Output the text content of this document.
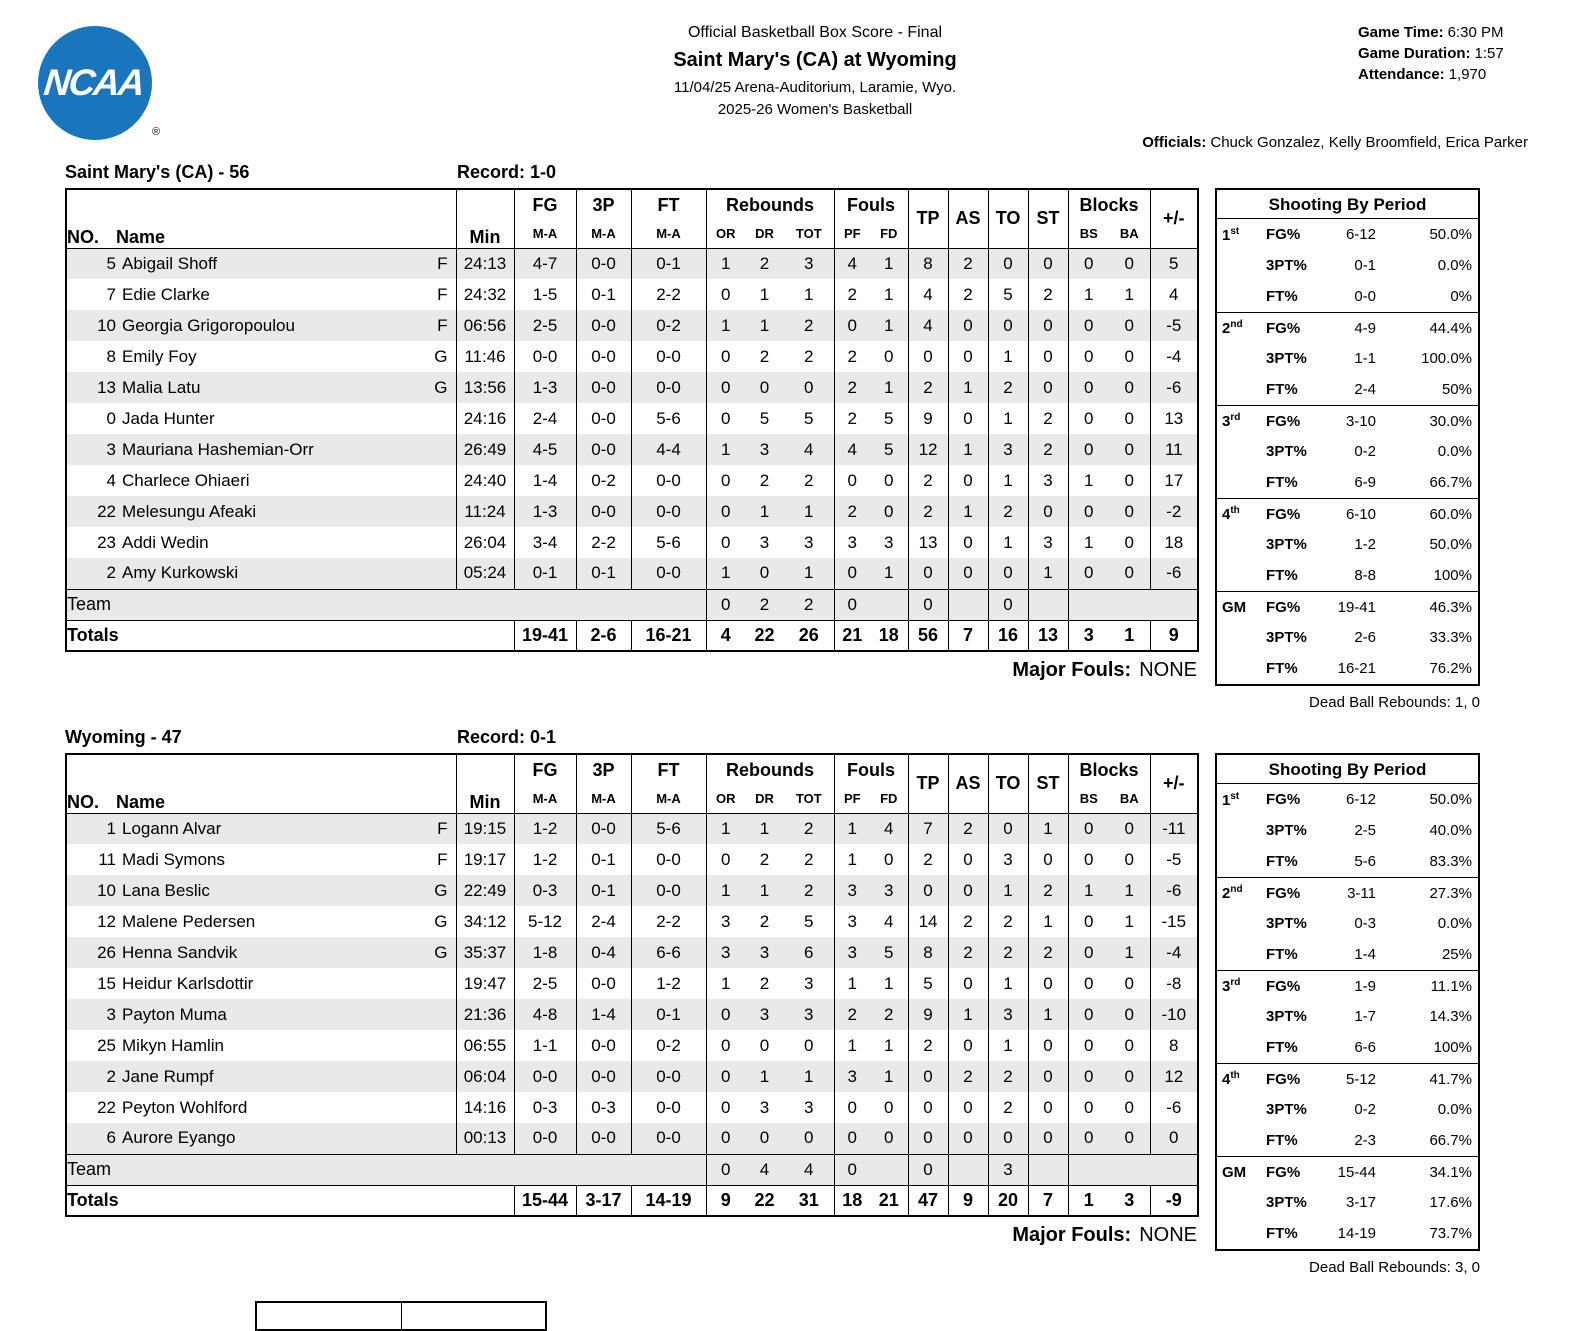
NCAA
®
Official Basketball Box Score - Final
Saint Mary's (CA) at Wyoming
11/04/25 Arena-Auditorium, Laramie, Wyo.
2025-26 Women's Basketball
Game Time: 6:30 PM
Game Duration: 1:57
Attendance: 1,970
Officials: Chuck Gonzalez, Kelly Broomfield, Erica Parker
Saint Mary's (CA) - 56	Record: 1-0
NO.	Name	Min	FG	3P	FT	Rebounds			Fouls		TP	AS	TO	ST	Blocks		+/-
			M-A	M-A	M-A	OR	DR	TOT	PF	FD					BS	BA	
5	Abigail Shoff F	24:13	4-7	0-0	0-1	1	2	3	4	1	8	2	0	0	0	0	5
7	Edie Clarke F	24:32	1-5	0-1	2-2	0	1	1	2	1	4	2	5	2	1	1	4
10	Georgia Grigoropoulou F	06:56	2-5	0-0	0-2	1	1	2	0	1	4	0	0	0	0	0	-5
8	Emily Foy G	11:46	0-0	0-0	0-0	0	2	2	2	0	0	0	1	0	0	0	-4
13	Malia Latu G	13:56	1-3	0-0	0-0	0	0	0	2	1	2	1	2	0	0	0	-6
0	Jada Hunter	24:16	2-4	0-0	5-6	0	5	5	2	5	9	0	1	2	0	0	13
3	Mauriana Hashemian-Orr	26:49	4-5	0-0	4-4	1	3	4	4	5	12	1	3	2	0	0	11
4	Charlece Ohiaeri	24:40	1-4	0-2	0-0	0	2	2	0	0	2	0	1	3	1	0	17
22	Melesungu Afeaki	11:24	1-3	0-0	0-0	0	1	1	2	0	2	1	2	0	0	0	-2
23	Addi Wedin	26:04	3-4	2-2	5-6	0	3	3	3	3	13	0	1	3	1	0	18
2	Amy Kurkowski	05:24	0-1	0-1	0-0	1	0	1	0	1	0	0	0	1	0	0	-6
Team						0	2	2	0		0		0				
Totals			19-41	2-6	16-21	4	22	26	21	18	56	7	16	13	3	1	9
Major Fouls: NONE
Shooting By Period
1st	FG%	6-12	50.0%
3PT%	0-1	0.0%
FT%	0-0	0%
2nd	FG%	4-9	44.4%
3PT%	1-1	100.0%
FT%	2-4	50%
3rd	FG%	3-10	30.0%
3PT%	0-2	0.0%
FT%	6-9	66.7%
4th	FG%	6-10	60.0%
3PT%	1-2	50.0%
FT%	8-8	100%
GM	FG%	19-41	46.3%
3PT%	2-6	33.3%
FT%	16-21	76.2%
Dead Ball Rebounds: 1, 0
Wyoming - 47	Record: 0-1
NO.	Name	Min	FG	3P	FT	Rebounds			Fouls		TP	AS	TO	ST	Blocks		+/-
			M-A	M-A	M-A	OR	DR	TOT	PF	FD					BS	BA	
1	Logann Alvar F	19:15	1-2	0-0	5-6	1	1	2	1	4	7	2	0	1	0	0	-11
11	Madi Symons F	19:17	1-2	0-1	0-0	0	2	2	1	0	2	0	3	0	0	0	-5
10	Lana Beslic G	22:49	0-3	0-1	0-0	1	1	2	3	3	0	0	1	2	1	1	-6
12	Malene Pedersen G	34:12	5-12	2-4	2-2	3	2	5	3	4	14	2	2	1	0	1	-15
26	Henna Sandvik G	35:37	1-8	0-4	6-6	3	3	6	3	5	8	2	2	2	0	1	-4
15	Heidur Karlsdottir	19:47	2-5	0-0	1-2	1	2	3	1	1	5	0	1	0	0	0	-8
3	Payton Muma	21:36	4-8	1-4	0-1	0	3	3	2	2	9	1	3	1	0	0	-10
25	Mikyn Hamlin	06:55	1-1	0-0	0-2	0	0	0	1	1	2	0	1	0	0	0	8
2	Jane Rumpf	06:04	0-0	0-0	0-0	0	1	1	3	1	0	2	2	0	0	0	12
22	Peyton Wohlford	14:16	0-3	0-3	0-0	0	3	3	0	0	0	0	2	0	0	0	-6
6	Aurore Eyango	00:13	0-0	0-0	0-0	0	0	0	0	0	0	0	0	0	0	0	0
Team						0	4	4	0		0		3				
Totals			15-44	3-17	14-19	9	22	31	18	21	47	9	20	7	1	3	-9
Major Fouls: NONE
Shooting By Period
1st	FG%	6-12	50.0%
3PT%	2-5	40.0%
FT%	5-6	83.3%
2nd	FG%	3-11	27.3%
3PT%	0-3	0.0%
FT%	1-4	25%
3rd	FG%	1-9	11.1%
3PT%	1-7	14.3%
FT%	6-6	100%
4th	FG%	5-12	41.7%
3PT%	0-2	0.0%
FT%	2-3	66.7%
GM	FG%	15-44	34.1%
3PT%	3-17	17.6%
FT%	14-19	73.7%
Dead Ball Rebounds: 3, 0
